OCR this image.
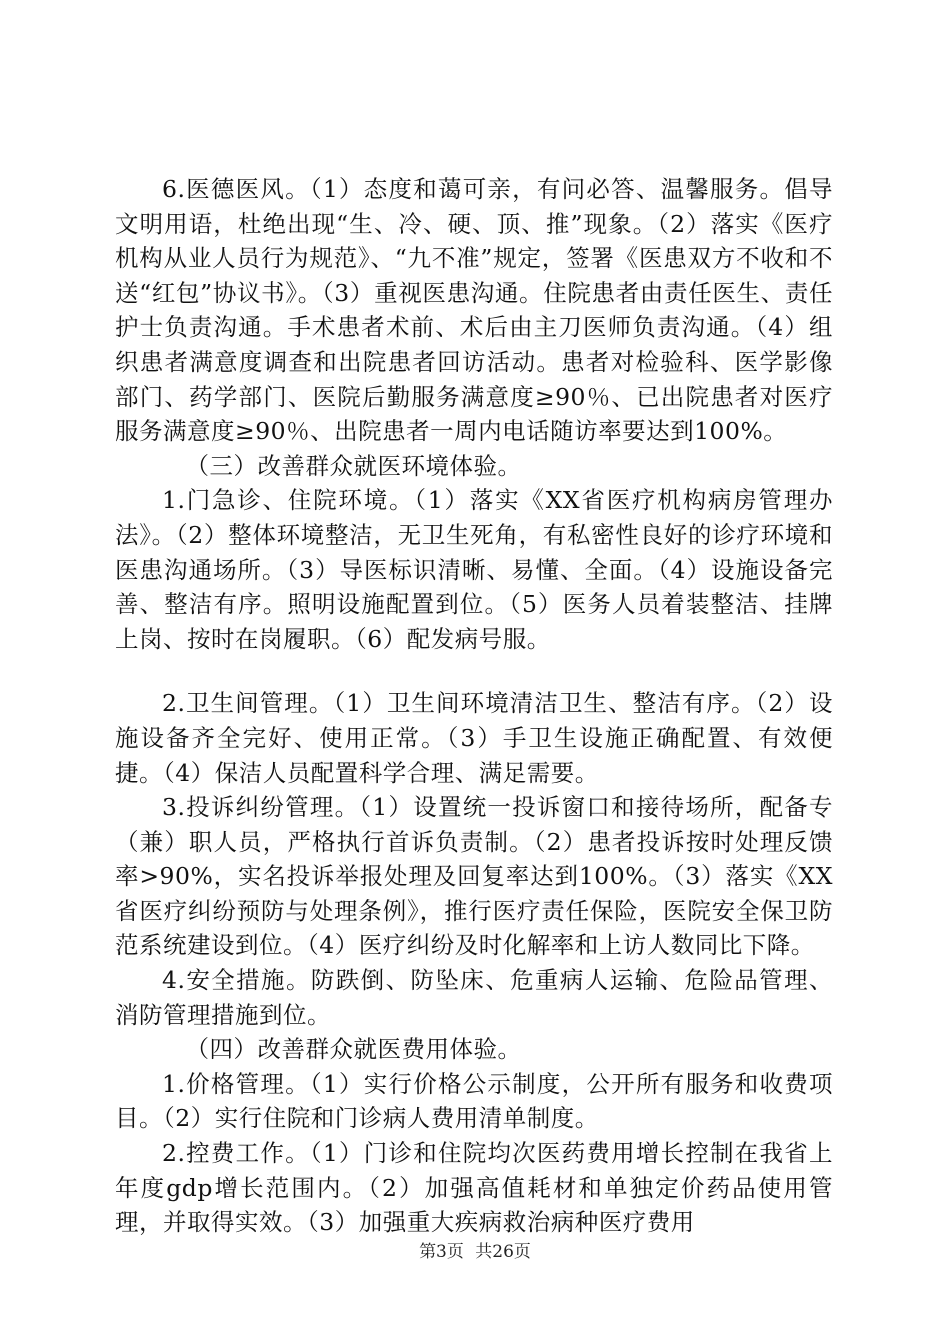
6.医德医风。（1）态度和蔼可亲，有问必答、温馨服务。倡导文明用语，杜绝出现“生、冷、硬、顶、推”现象。（2）落实《医疗机构从业人员行为规范》、“九不准”规定，签署《医患双方不收和不送“红包”协议书》。（3）重视医患沟通。住院患者由责任医生、责任护士负责沟通。手术患者术前、术后由主刀医师负责沟通。（4）组织患者满意度调查和出院患者回访活动。患者对检验科、医学影像部门、药学部门、医院后勤服务满意度≥90％、已出院患者对医疗服务满意度≥90％、出院患者一周内电话随访率要达到100%。

（三）改善群众就医环境体验。

1.门急诊、住院环境。（1）落实《XX省医疗机构病房管理办法》。（2）整体环境整洁，无卫生死角，有私密性良好的诊疗环境和医患沟通场所。（3）导医标识清晰、易懂、全面。（4）设施设备完善、整洁有序。照明设施配置到位。（5）医务人员着装整洁、挂牌上岗、按时在岗履职。（6）配发病号服。

2.卫生间管理。（1）卫生间环境清洁卫生、整洁有序。（2）设施设备齐全完好、使用正常。（3）手卫生设施正确配置、有效便捷。（4）保洁人员配置科学合理、满足需要。

3.投诉纠纷管理。（1）设置统一投诉窗口和接待场所，配备专（兼）职人员，严格执行首诉负责制。（2）患者投诉按时处理反馈率>90%，实名投诉举报处理及回复率达到100%。（3）落实《XX省医疗纠纷预防与处理条例》，推行医疗责任保险，医院安全保卫防范系统建设到位。（4）医疗纠纷及时化解率和上访人数同比下降。

4.安全措施。防跌倒、防坠床、危重病人运输、危险品管理、消防管理措施到位。

（四）改善群众就医费用体验。

1.价格管理。（1）实行价格公示制度，公开所有服务和收费项目。（2）实行住院和门诊病人费用清单制度。

2.控费工作。（1）门诊和住院均次医药费用增长控制在我省上年度gdp增长范围内。（2）加强高值耗材和单独定价药品使用管理，并取得实效。（3）加强重大疾病救治病种医疗费用

第3页 共26页
